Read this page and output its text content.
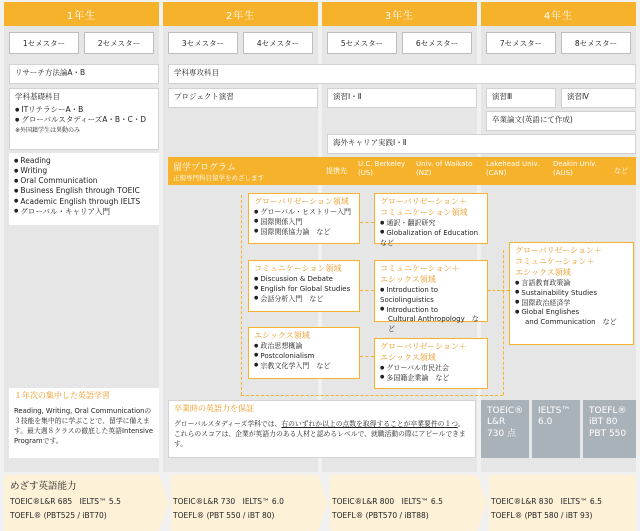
1年生	2年生	3年生	4年生
1セメスター	2セメスター	3セメスター	4セメスター	5セメスター	6セメスター	7セメスター	8セメスター
リサーチ方法論A・B
学科基礎科目
● ITリテラシーA・B
● グローバルスタディーズA・B・C・D
※外国籍学生は異動のみ
● Reading
● Writing
● Oral Communication
● Business English through TOEIC
● Academic English through IELTS
● グローバル・キャリア入門
学科専攻科目
プロジェクト演習	演習Ⅰ・Ⅱ	演習Ⅲ	演習Ⅳ
卒業論文(英語にて作成)
海外キャリア実践Ⅰ・Ⅱ
留学プログラム
正規専門科目留学をめざします
提携先
U.C. Berkeley
(US)
Univ. of Waikato
(NZ)
Lakehead Univ.
(CAN)
Deakin Univ.
(AUS)	など
グローバリゼーション領域
● グローバル・ヒストリー入門
● 国際関係入門
● 国際関係協力論　など
コミュニケーション領域
● Discussion & Debate
● English for Global Studies
● 会話分析入門　など
エシックス領域
● 政治思想概論
● Postcolonialism
● 宗教文化学入門　など
グローバリゼーション＋
コミュニケーション領域
● 通訳・翻訳研究
● Globalization of Education　など
コミュニケーション＋
エシックス領域
● Introduction to Sociolinguistics
● Introduction to
Cultural Anthropology　など
グローバリゼーション＋
エシックス領域
● グローバル市民社会
● 多国籍企業論　など
グローバリゼーション＋
コミュニケーション＋
エシックス領域
● 言語教育政策論
● Sustainability Studies
● 国際政治経済学
● Global Englishes
and Communication　など
１年次の集中した英語学習
Reading, Writing, Oral Communicationの３技能を集中的に学ぶことで、留学に備えます。最大週８クラスの徹底した英語Intensive Programです。
卒業時の英語力を保証
グローバルスタディーズ学科では、右のいずれか以上の点数を取得することが卒業要件の１つ。これらのスコアは、企業が英語力のある人材と認めるレベルで、就職活動の際にアピールできます。
TOEIC®
L&R
730 点
IELTS™
6.0
TOEFL®
iBT 80
PBT 550
めざす英語能力
TOEIC®L&R 685　IELTS™ 5.5
TOEFL® (PBT525 / iBT70)
TOEIC®L&R 730　IELTS™ 6.0
TOEFL® (PBT 550 / iBT 80)
TOEIC®L&R 800　IELTS™ 6.5
TOEFL® (PBT570 / iBT88)
TOEIC®L&R 830　IELTS™ 6.5
TOEFL® (PBT 580 / iBT 93)
